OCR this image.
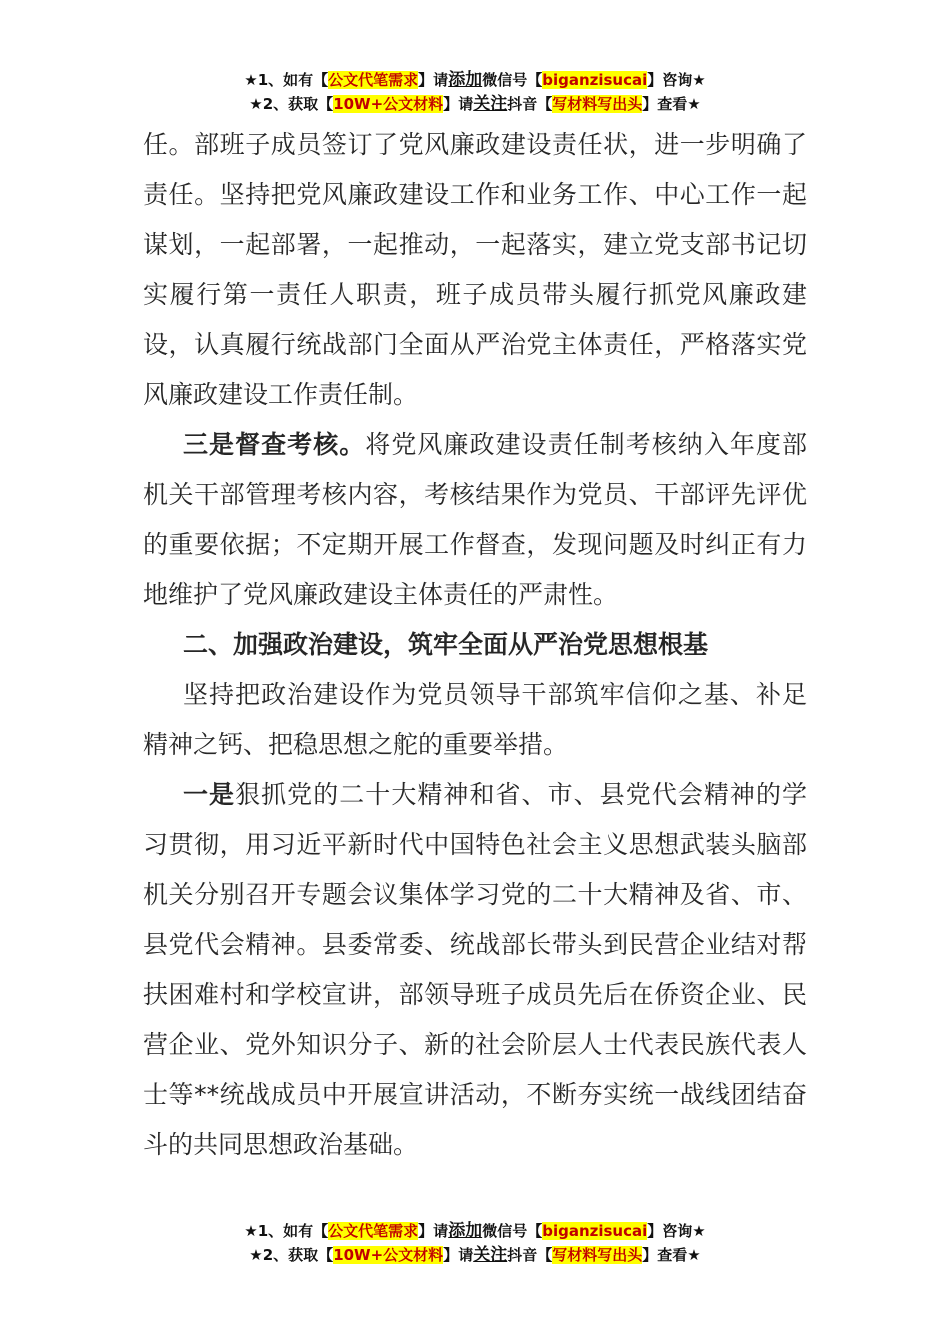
★1、如有【公文代笔需求】请添加微信号【biganzisucai】咨询★
★2、获取【10W+公文材料】请关注抖音【写材料写出头】查看★

任。部班子成员签订了党风廉政建设责任状，进一步明确了责任。坚持把党风廉政建设工作和业务工作、中心工作一起谋划，一起部署，一起推动，一起落实，建立党支部书记切实履行第一责任人职责，班子成员带头履行抓党风廉政建设，认真履行统战部门全面从严治党主体责任，严格落实党风廉政建设工作责任制。

三是督查考核。将党风廉政建设责任制考核纳入年度部机关干部管理考核内容，考核结果作为党员、干部评先评优的重要依据；不定期开展工作督查，发现问题及时纠正有力地维护了党风廉政建设主体责任的严肃性。

二、加强政治建设，筑牢全面从严治党思想根基

坚持把政治建设作为党员领导干部筑牢信仰之基、补足精神之钙、把稳思想之舵的重要举措。

一是狠抓党的二十大精神和省、市、县党代会精神的学习贯彻，用习近平新时代中国特色社会主义思想武装头脑部机关分别召开专题会议集体学习党的二十大精神及省、市、县党代会精神。县委常委、统战部长带头到民营企业结对帮扶困难村和学校宣讲，部领导班子成员先后在侨资企业、民营企业、党外知识分子、新的社会阶层人士代表民族代表人士等**统战成员中开展宣讲活动，不断夯实统一战线团结奋斗的共同思想政治基础。

★1、如有【公文代笔需求】请添加微信号【biganzisucai】咨询★
★2、获取【10W+公文材料】请关注抖音【写材料写出头】查看★
